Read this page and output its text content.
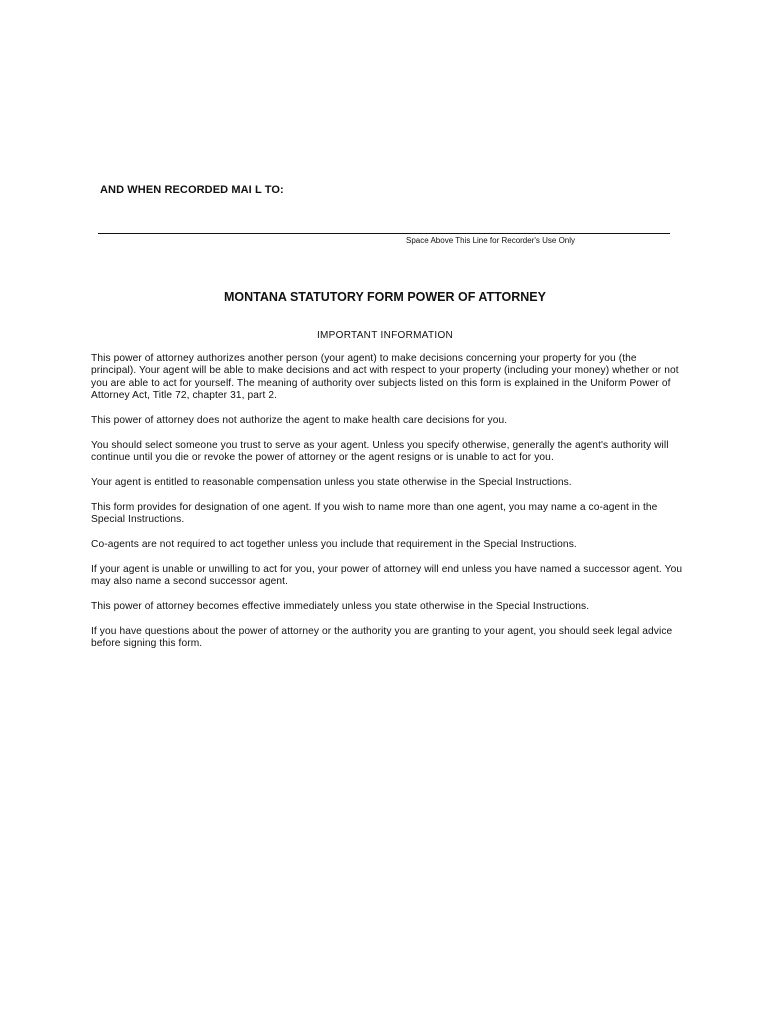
AND WHEN RECORDED MAI L TO:
Space Above This Line for Recorder's Use Only
MONTANA STATUTORY FORM POWER OF ATTORNEY
IMPORTANT INFORMATION

This power of attorney authorizes another person (your agent) to make decisions concerning your property for you (the principal). Your agent will be able to make decisions and act with respect to your property (including your money) whether or not you are able to act for yourself. The meaning of authority over subjects listed on this form is explained in the Uniform Power of Attorney Act, Title 72, chapter 31, part 2.

This power of attorney does not authorize the agent to make health care decisions for you.

You should select someone you trust to serve as your agent. Unless you specify otherwise, generally the agent's authority will continue until you die or revoke the power of attorney or the agent resigns or is unable to act for you.

Your agent is entitled to reasonable compensation unless you state otherwise in the Special Instructions.

This form provides for designation of one agent. If you wish to name more than one agent, you may name a co-agent in the Special Instructions.

Co-agents are not required to act together unless you include that requirement in the Special Instructions.

If your agent is unable or unwilling to act for you, your power of attorney will end unless you have named a successor agent. You may also name a second successor agent.

This power of attorney becomes effective immediately unless you state otherwise in the Special Instructions.

If you have questions about the power of attorney or the authority you are granting to your agent, you should seek legal advice before signing this form.
